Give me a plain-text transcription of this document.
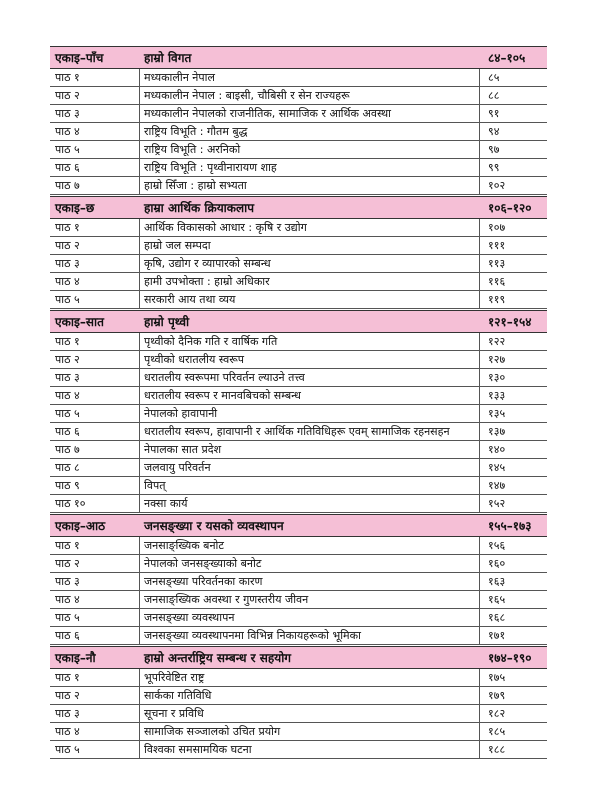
एकाइ–पाँच	हाम्रो विगत	८४–१०५
पाठ १	मध्यकालीन नेपाल	८५
पाठ २	मध्यकालीन नेपाल : बाइसी, चौबिसी र सेन राज्यहरू	८८
पाठ ३	मध्यकालीन नेपालको राजनीतिक, सामाजिक र आर्थिक अवस्था	९१
पाठ ४	राष्ट्रिय विभूति : गौतम बुद्ध	९४
पाठ ५	राष्ट्रिय विभूति : अरनिको	९७
पाठ ६	राष्ट्रिय विभूति : पृथ्वीनारायण शाह	९९
पाठ ७	हाम्रो सिँजा : हाम्रो सभ्यता	१०२
एकाइ–छ	हाम्रा आर्थिक क्रियाकलाप	१०६–१२०
पाठ १	आर्थिक विकासको आधार : कृषि र उद्योग	१०७
पाठ २	हाम्रो जल सम्पदा	१११
पाठ ३	कृषि, उद्योग र व्यापारको सम्बन्ध	११३
पाठ ४	हामी उपभोक्ता : हाम्रो अधिकार	११६
पाठ ५	सरकारी आय तथा व्यय	११९
एकाइ–सात	हाम्रो पृथ्वी	१२१–१५४
पाठ १	पृथ्वीको दैनिक गति र वार्षिक गति	१२२
पाठ २	पृथ्वीको धरातलीय स्वरूप	१२७
पाठ ३	धरातलीय स्वरूपमा परिवर्तन ल्याउने तत्त्व	१३०
पाठ ४	धरातलीय स्वरूप र मानवबिचको सम्बन्ध	१३३
पाठ ५	नेपालको हावापानी	१३५
पाठ ६	धरातलीय स्वरूप, हावापानी र आर्थिक गतिविधिहरू एवम् सामाजिक रहनसहन	१३७
पाठ ७	नेपालका सात प्रदेश	१४०
पाठ ८	जलवायु परिवर्तन	१४५
पाठ ९	विपत्	१४७
पाठ १०	नक्सा कार्य	१५२
एकाइ–आठ	जनसङ्ख्या र यसको व्यवस्थापन	१५५–१७३
पाठ १	जनसाङ्ख्यिक बनोट	१५६
पाठ २	नेपालको जनसङ्ख्याको बनोट	१६०
पाठ ३	जनसङ्ख्या परिवर्तनका कारण	१६३
पाठ ४	जनसाङ्ख्यिक अवस्था र गुणस्तरीय जीवन	१६५
पाठ ५	जनसङ्ख्या व्यवस्थापन	१६८
पाठ ६	जनसङ्ख्या व्यवस्थापनमा विभिन्न निकायहरूको भूमिका	१७१
एकाइ–नौ	हाम्रो अन्तर्राष्ट्रिय सम्बन्ध र सहयोग	१७४–१९०
पाठ १	भूपरिवेष्टित राष्ट्र	१७५
पाठ २	सार्कका गतिविधि	१७९
पाठ ३	सूचना र प्रविधि	१८२
पाठ ४	सामाजिक सञ्जालको उचित प्रयोग	१८५
पाठ ५	विश्वका समसामयिक घटना	१८८
